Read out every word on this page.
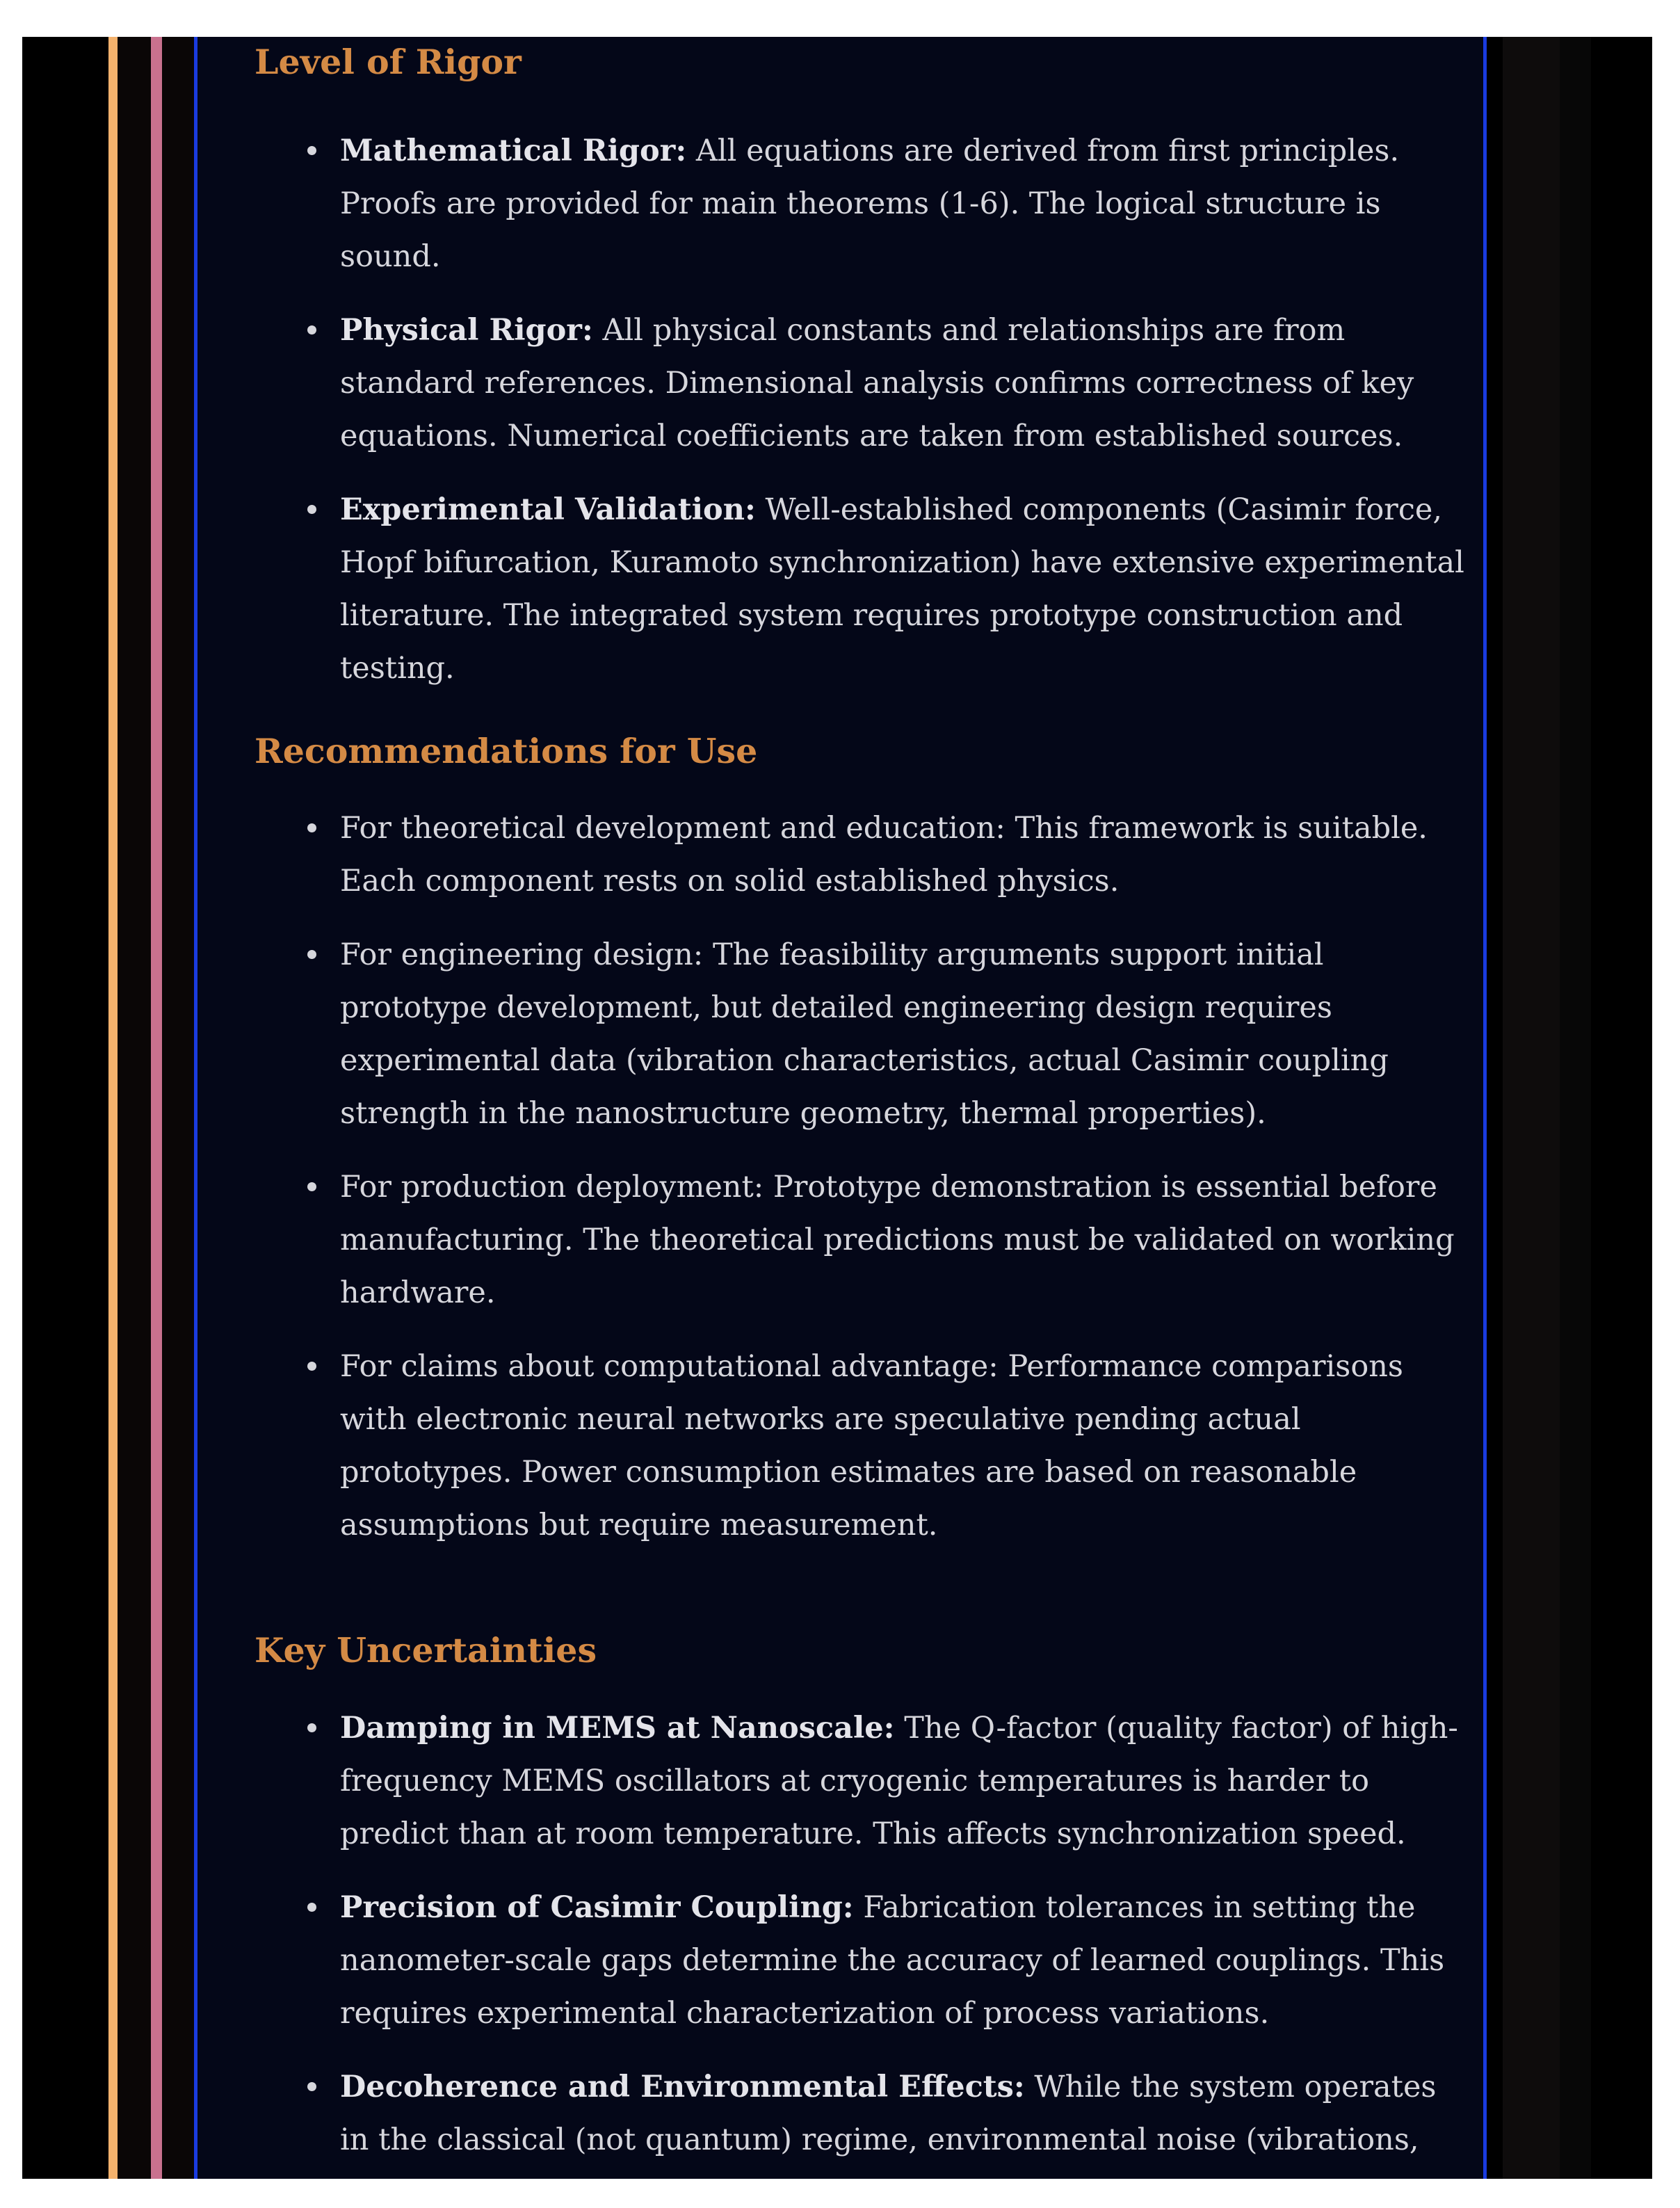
Level of Rigor
Mathematical Rigor: All equations are derived from first principles. Proofs are provided for main theorems (1-6). The logical structure is sound.
Physical Rigor: All physical constants and relationships are from standard references. Dimensional analysis confirms correctness of key equations. Numerical coefficients are taken from established sources.
Experimental Validation: Well-established components (Casimir force, Hopf bifurcation, Kuramoto synchronization) have extensive experimental literature. The integrated system requires prototype construction and testing.
Recommendations for Use
For theoretical development and education: This framework is suitable. Each component rests on solid established physics.
For engineering design: The feasibility arguments support initial prototype development, but detailed engineering design requires experimental data (vibration characteristics, actual Casimir coupling strength in the nanostructure geometry, thermal properties).
For production deployment: Prototype demonstration is essential before manufacturing. The theoretical predictions must be validated on working hardware.
For claims about computational advantage: Performance comparisons with electronic neural networks are speculative pending actual prototypes. Power consumption estimates are based on reasonable assumptions but require measurement.
Key Uncertainties
Damping in MEMS at Nanoscale: The Q-factor (quality factor) of high-frequency MEMS oscillators at cryogenic temperatures is harder to predict than at room temperature. This affects synchronization speed.
Precision of Casimir Coupling: Fabrication tolerances in setting the nanometer-scale gaps determine the accuracy of learned couplings. This requires experimental characterization of process variations.
Decoherence and Environmental Effects: While the system operates in the classical (not quantum) regime, environmental noise (vibrations,
